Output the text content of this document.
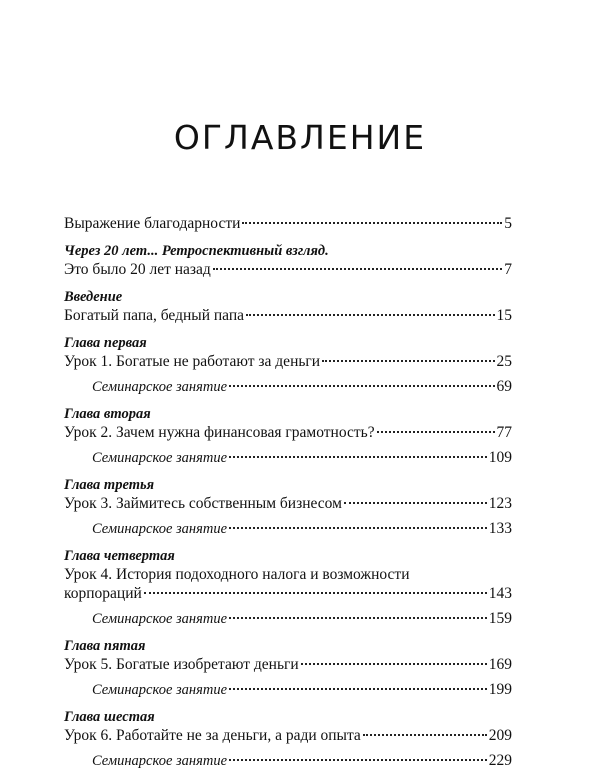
ОГЛАВЛЕНИЕ
Выражение благодарности	5
Через 20 лет... Ретроспективный взгляд.
Это было 20 лет назад	7
Введение
Богатый папа, бедный папа	15
Глава первая
Урок 1. Богатые не работают за деньги	25
Семинарское занятие	69
Глава вторая
Урок 2. Зачем нужна финансовая грамотность?	77
Семинарское занятие	109
Глава третья
Урок 3. Займитесь собственным бизнесом	123
Семинарское занятие	133
Глава четвертая
Урок 4. История подоходного налога и возможности
корпораций	143
Семинарское занятие	159
Глава пятая
Урок 5. Богатые изобретают деньги	169
Семинарское занятие	199
Глава шестая
Урок 6. Работайте не за деньги, а ради опыта	209
Семинарское занятие	229
